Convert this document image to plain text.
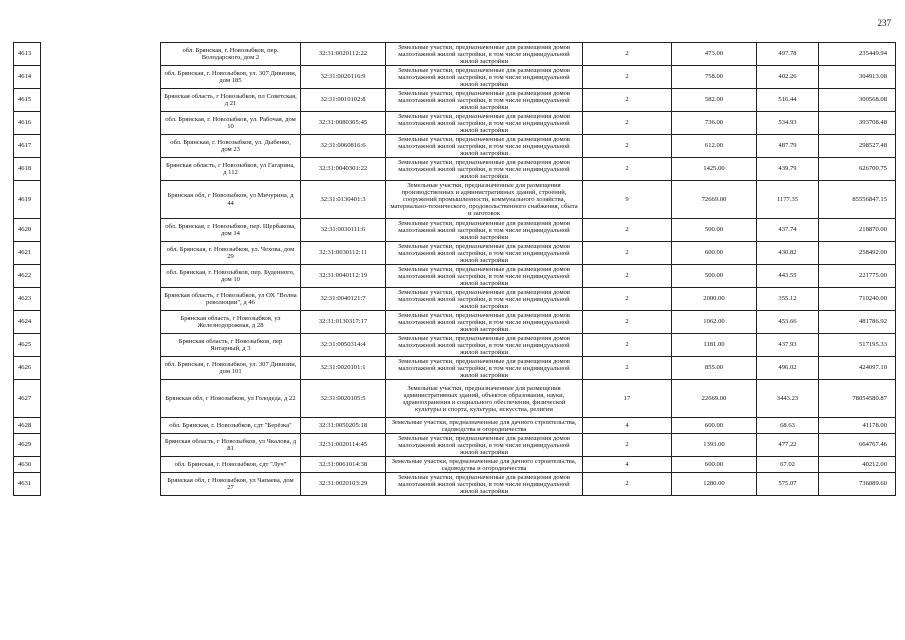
237
4613		обл. Брянская, г. Новозыбков, пер. Володарского, дом 2	32:31:0020112:22	Земельные участки, предназначенные для размещения домов малоэтажной жилой застройки, в том числе индивидуальной жилой застройки	2	473.00	497.78	235449.94
4614		обл. Брянская, г. Новозыбков, ул. 307 Дивизии, дом 185	32:31:0020116:9	Земельные участки, предназначенные для размещения домов малоэтажной жилой застройки, в том числе индивидуальной жилой застройки	2	758.00	402.26	304913.08
4615		Брянская область, г Новозыбков, пл Советская, д 21	32:31:0010102:8	Земельные участки, предназначенные для размещения домов малоэтажной жилой застройки, в том числе индивидуальной жилой застройки	2	582.00	516.44	300568.08
4616		обл. Брянская, г. Новозыбков, ул. Рабочая, дом 10	32:31:0080305:45	Земельные участки, предназначенные для размещения домов малоэтажной жилой застройки, в том числе индивидуальной жилой застройки	2	736.00	534.93	393708.48
4617		обл. Брянская, г. Новозыбков, ул. Дыбенко, дом 23	32:31:0060816:6	Земельные участки, предназначенные для размещения домов малоэтажной жилой застройки, в том числе индивидуальной жилой застройки	2	612.00	487.79	298527.48
4618		Брянская область, г Новозыбков, ул Гагарина, д 112	32:31:0040301:22	Земельные участки, предназначенные для размещения домов малоэтажной жилой застройки, в том числе индивидуальной жилой застройки	2	1425.00	439.79	626700.75
4619		Брянская обл, г Новозыбков, ул Мичурина, д 44	32:31:0130401:3	Земельные участки, предназначенные для размещения производственных и административных зданий, строений, сооружений промышленности, коммунального хозяйства, материально-технического, продовольственного снабжения, сбыта и заготовок	9	72669.00	1177.35	85556847.15
4620		обл. Брянская, г. Новозыбков, пер. Щербакова, дом 14	32:31:0030111:6	Земельные участки, предназначенные для размещения домов малоэтажной жилой застройки, в том числе индивидуальной жилой застройки	2	500.00	437.74	218870.00
4621		обл. Брянская, г. Новозыбков, ул. Чехова, дом 29	32:31:0030112:11	Земельные участки, предназначенные для размещения домов малоэтажной жилой застройки, в том числе индивидуальной жилой застройки	2	600.00	430.82	258492.00
4622		обл. Брянская, г. Новозыбков, пер. Буденного, дом 10	32:31:0040112:19	Земельные участки, предназначенные для размещения домов малоэтажной жилой застройки, в том числе индивидуальной жилой застройки	2	500.00	443.55	221775.00
4623		Брянская область, г Новозыбков, ул ОХ "Волна революции", д 46	32:31:0040121:7	Земельные участки, предназначенные для размещения домов малоэтажной жилой застройки, в том числе индивидуальной жилой застройки	2	2000.00	355.12	710240.00
4624		Брянская область, г Новозыбков, ул Железнодорожная, д 28	32:31:0130317:17	Земельные участки, предназначенные для размещения домов малоэтажной жилой застройки, в том числе индивидуальной жилой застройки	2	1062.00	453.66	481786.92
4625		Брянская область, г Новозыбков, пер Янтарный, д 3	32:31:0050314:4	Земельные участки, предназначенные для размещения домов малоэтажной жилой застройки, в том числе индивидуальной жилой застройки	2	1181.00	437.93	517195.33
4626		обл. Брянская, г. Новозыбков, ул. 307 Дивизии, дом 101	32:31:0020101:1	Земельные участки, предназначенные для размещения домов малоэтажной жилой застройки, в том числе индивидуальной жилой застройки	2	855.00	496.02	424097.10
4627		Брянская обл, г Новозыбков, ул Голодеда, д 22	32:31:0020105:5	Земельные участки, предназначенные для размещения административных зданий, объектов образования, науки, здравоохранения и социального обеспечения, физической культуры и спорта, культуры, искусства, религии	17	22669.00	3443.23	78054580.87
4628		обл. Брянская, г. Новозыбков, сдт "Берёзка"	32:31:0050205:18	Земельные участки, предназначенные для дачного строительства, садоводства и огородничества	4	600.00	68.63	41178.00
4629		Брянская область, г Новозыбков, ул Чкалова, д 81	32:31:0020114:45	Земельные участки, предназначенные для размещения домов малоэтажной жилой застройки, в том числе индивидуальной жилой застройки	2	1393.00	477.22	664767.46
4630		обл. Брянская, г. Новозыбков, сдт "Луч"	32:31:0061014:38	Земельные участки, предназначенные для дачного строительства, садоводства и огородничества	4	600.00	67.02	40212.00
4631		Брянская обл, г Новозыбков, ул Чапаева, дом 27	32:31:0020103:29	Земельные участки, предназначенные для размещения домов малоэтажной жилой застройки, в том числе индивидуальной жилой застройки	2	1280.00	575.07	736089.60
